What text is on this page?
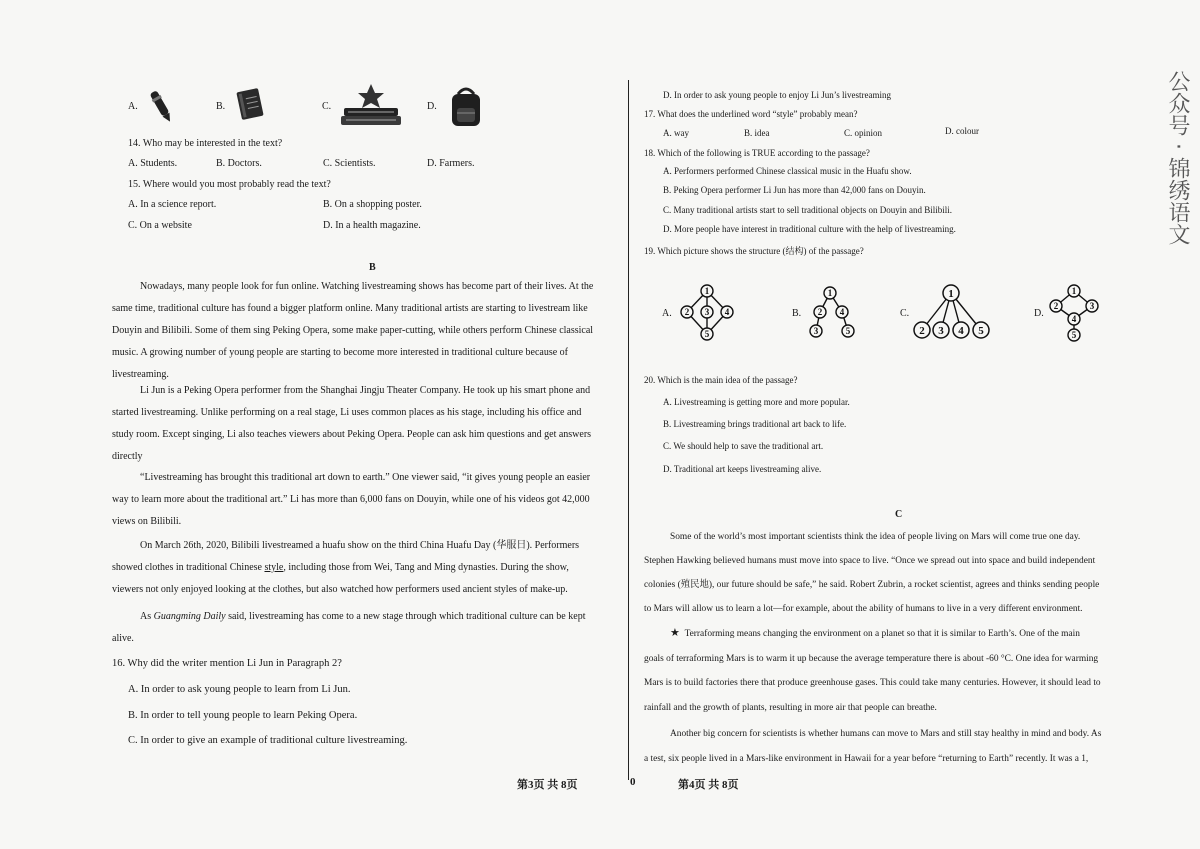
A.	B.	C.	D.
14. Who may be interested in the text?
A. Students.	B. Doctors.	C. Scientists.	D. Farmers.
15. Where would you most probably read the text?
A. In a science report.	B. On a shopping poster.
C. On a website	D. In a health magazine.
B
Nowadays, many people look for fun online. Watching livestreaming shows has become part of their lives. At the
same time, traditional culture has found a bigger platform online. Many traditional artists are starting to livestream like
Douyin and Bilibili. Some of them sing Peking Opera, some make paper-cutting, while others perform Chinese classical
music. A growing number of young people are starting to become more interested in traditional culture because of
livestreaming.
Li Jun is a Peking Opera performer from the Shanghai Jingju Theater Company. He took up his smart phone and
started livestreaming. Unlike performing on a real stage, Li uses common places as his stage, including his office and
study room. Except singing, Li also teaches viewers about Peking Opera. People can ask him questions and get answers
directly
“Livestreaming has brought this traditional art down to earth.” One viewer said, “it gives young people an easier
way to learn more about the traditional art.” Li has more than 6,000 fans on Douyin, while one of his videos got 42,000
views on Bilibili.
On March 26th, 2020, Bilibili livestreamed a huafu show on the third China Huafu Day (华服日). Performers
showed clothes in traditional Chinese style, including those from Wei, Tang and Ming dynasties. During the show,
viewers not only enjoyed looking at the clothes, but also watched how performers used ancient styles of make-up.
As Guangming Daily said, livestreaming has come to a new stage through which traditional culture can be kept
alive.
16. Why did the writer mention Li Jun in Paragraph 2?
A. In order to ask young people to learn from Li Jun.
B. In order to tell young people to learn Peking Opera.
C. In order to give an example of traditional culture livestreaming.
第3页 共 8页	0
D. In order to ask young people to enjoy Li Jun’s livestreaming
17. What does the underlined word “style” probably mean?
A. way	B. idea	C. opinion	D. colour
18. Which of the following is TRUE according to the passage?
A. Performers performed Chinese classical music in the Huafu show.
B. Peking Opera performer Li Jun has more than 42,000 fans on Douyin.
C. Many traditional artists start to sell traditional objects on Douyin and Bilibili.
D. More people have interest in traditional culture with the help of livestreaming.
19. Which picture shows the structure (结构) of the passage?
A.
1
2 3 4
5
B.
1
2 4
3	5
C.
1
2 3 4 5
D.
1
2	3
4
5
20. Which is the main idea of the passage?
A. Livestreaming is getting more and more popular.
B. Livestreaming brings traditional art back to life.
C. We should help to save the traditional art.
D. Traditional art keeps livestreaming alive.
C
Some of the world’s most important scientists think the idea of people living on Mars will come true one day.
Stephen Hawking believed humans must move into space to live. “Once we spread out into space and build independent
colonies (殖民地), our future should be safe,” he said. Robert Zubrin, a rocket scientist, agrees and thinks sending people
to Mars will allow us to learn a lot—for example, about the ability of humans to live in a very different environment.
★ Terraforming means changing the environment on a planet so that it is similar to Earth’s. One of the main
goals of terraforming Mars is to warm it up because the average temperature there is about -60 °C. One idea for warming
Mars is to build factories there that produce greenhouse gases. This could take many centuries. However, it should lead to
rainfall and the growth of plants, resulting in more air that people can breathe.
Another big concern for scientists is whether humans can move to Mars and still stay healthy in mind and body. As
a test, six people lived in a Mars-like environment in Hawaii for a year before “returning to Earth” recently. It was a 1,
第4页 共 8页
公众号 · 锦绣语文
